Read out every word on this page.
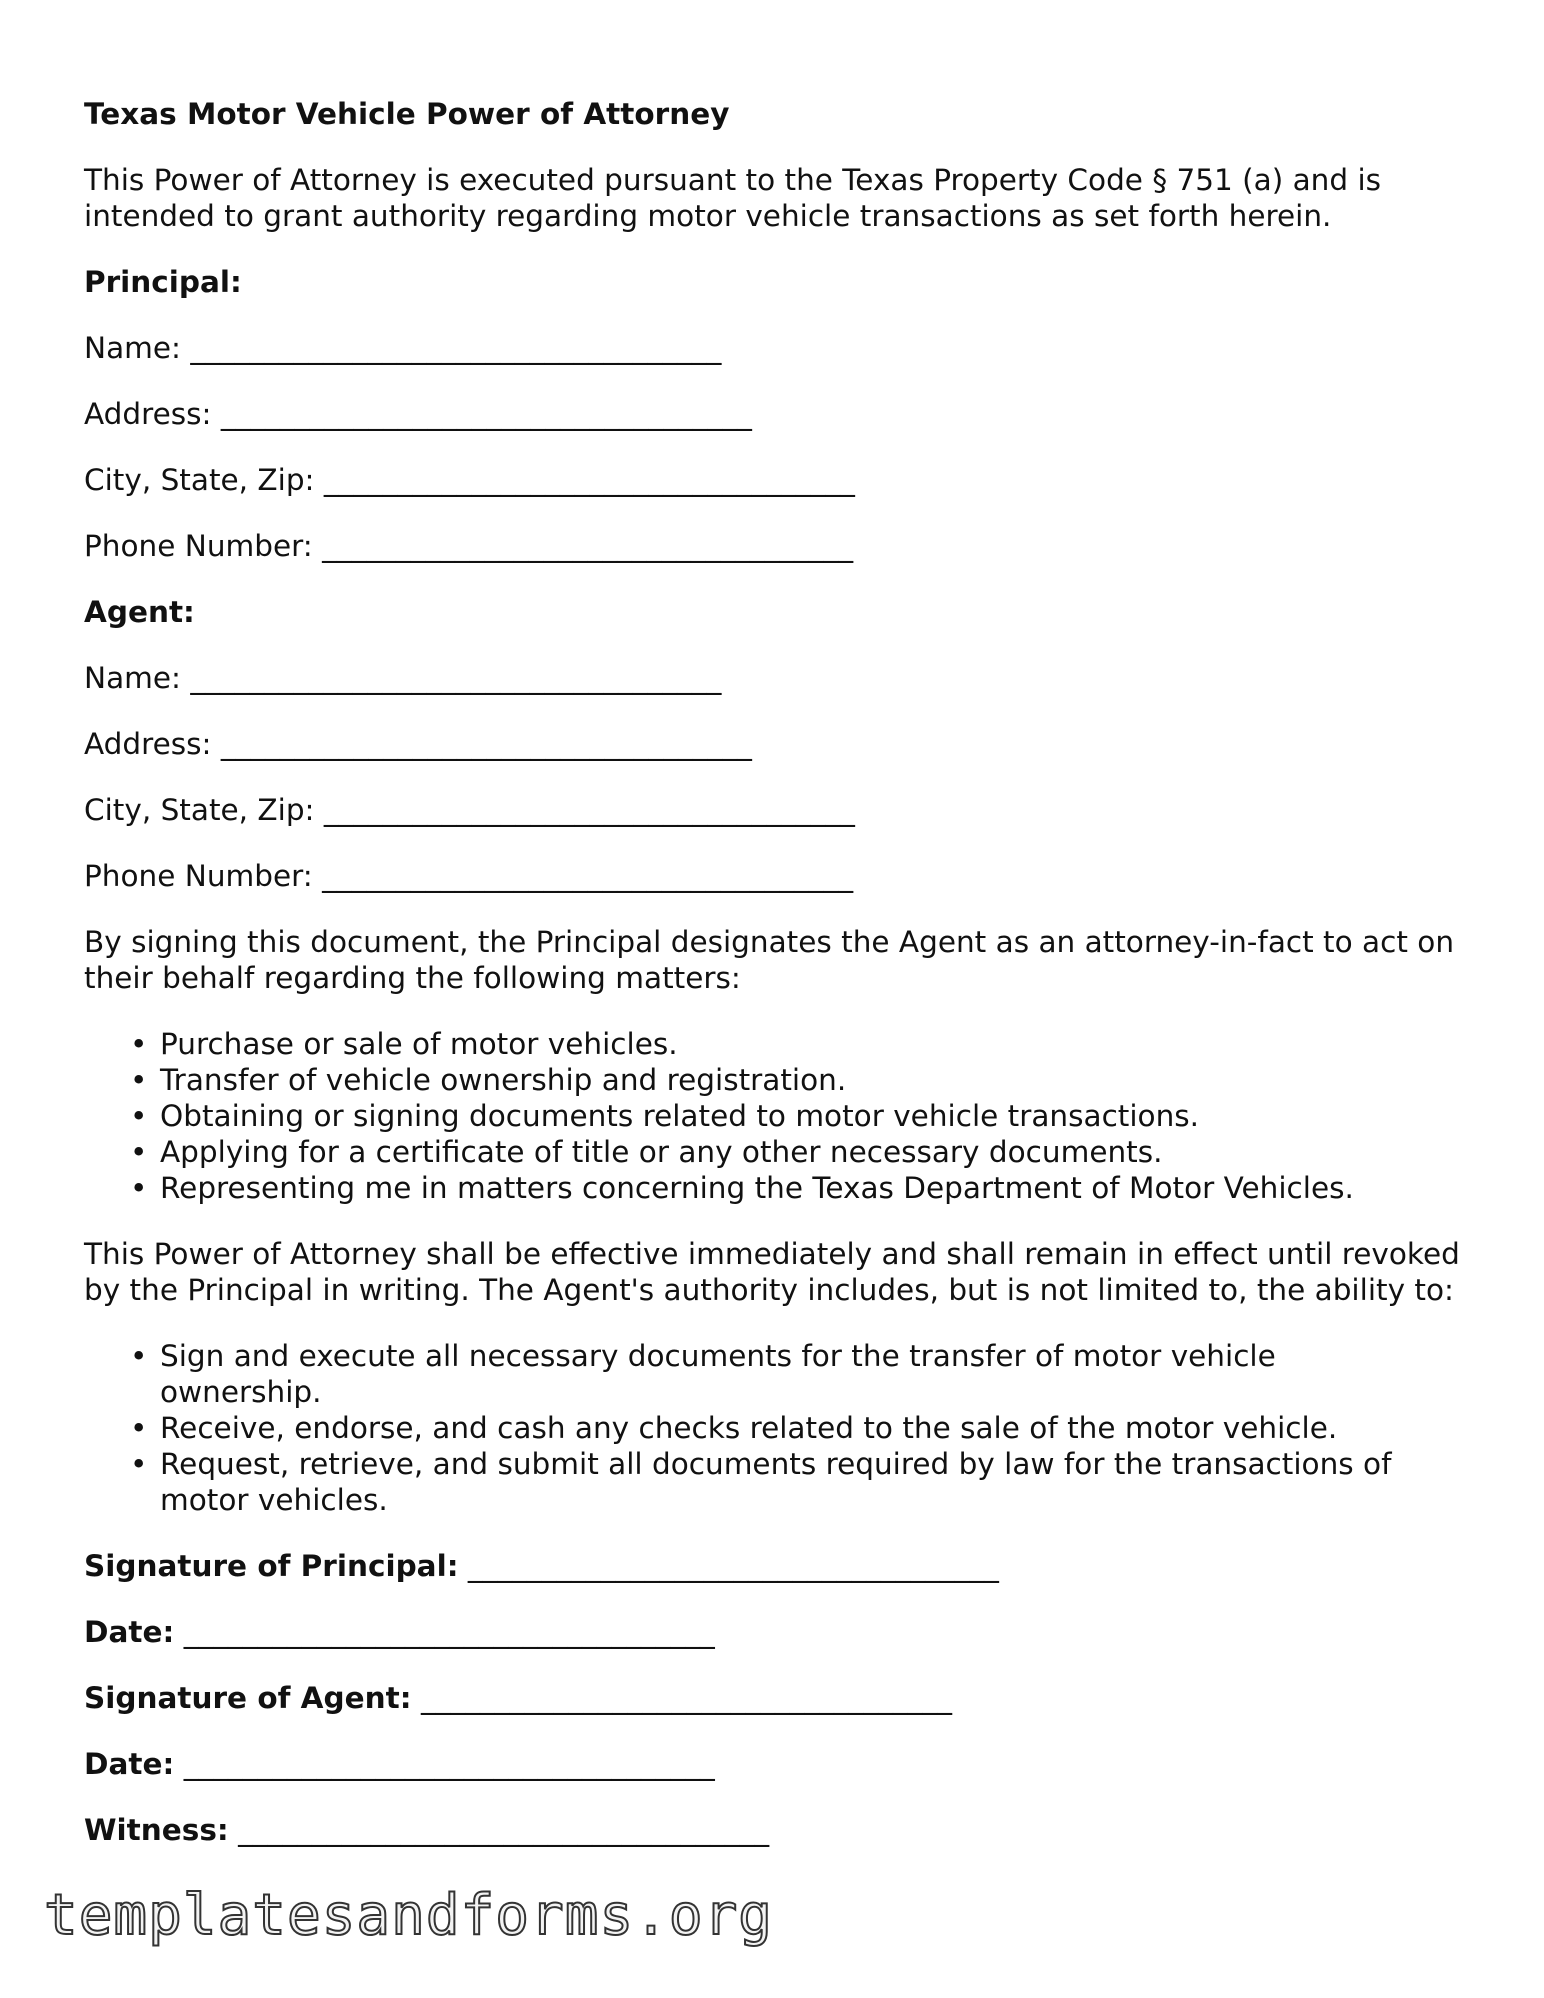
Texas Motor Vehicle Power of Attorney
This Power of Attorney is executed pursuant to the Texas Property Code § 751 (a) and is intended to grant authority regarding motor vehicle transactions as set forth herein.
Principal:
Name: ____________________________________
Address: ____________________________________
City, State, Zip: ____________________________________
Phone Number: ____________________________________
Agent:
Name: ____________________________________
Address: ____________________________________
City, State, Zip: ____________________________________
Phone Number: ____________________________________
By signing this document, the Principal designates the Agent as an attorney-in-fact to act on their behalf regarding the following matters:
• Purchase or sale of motor vehicles.
• Transfer of vehicle ownership and registration.
• Obtaining or signing documents related to motor vehicle transactions.
• Applying for a certificate of title or any other necessary documents.
• Representing me in matters concerning the Texas Department of Motor Vehicles.
This Power of Attorney shall be effective immediately and shall remain in effect until revoked by the Principal in writing. The Agent's authority includes, but is not limited to, the ability to:
• Sign and execute all necessary documents for the transfer of motor vehicle ownership.
• Receive, endorse, and cash any checks related to the sale of the motor vehicle.
• Request, retrieve, and submit all documents required by law for the transactions of motor vehicles.
Signature of Principal: ____________________________________
Date: ____________________________________
Signature of Agent: ____________________________________
Date: ____________________________________
Witness: ____________________________________
templatesandforms.org
